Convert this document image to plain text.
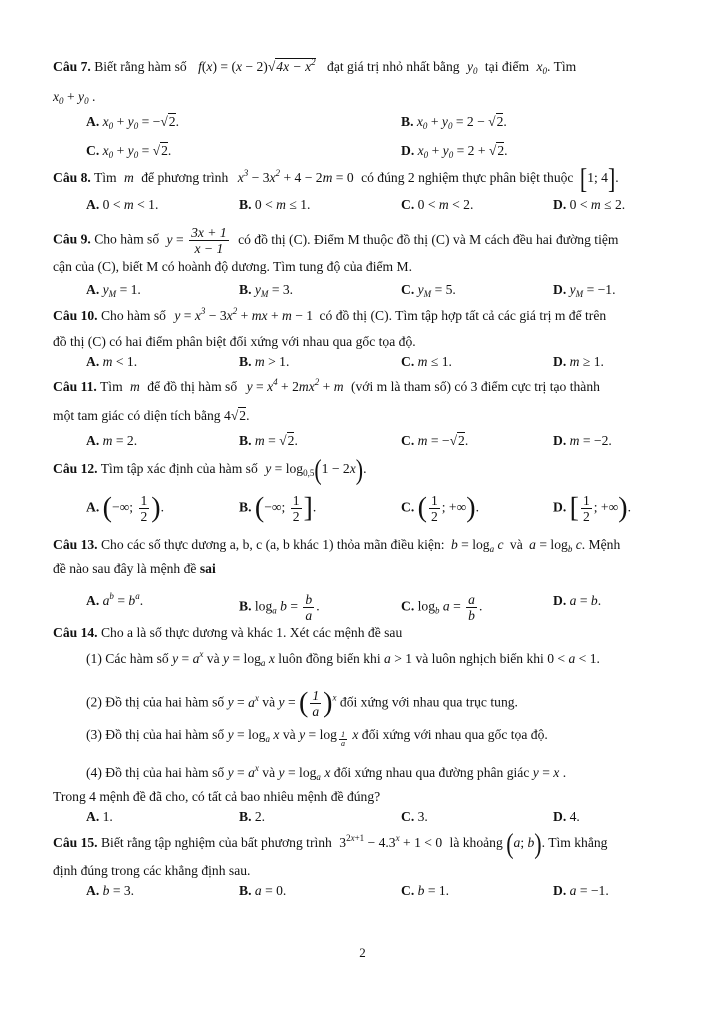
Câu 7. Biết rằng hàm số $f(x) = (x - 2)√4x - x^2$ đạt giá trị nhỏ nhất bằng $y_0$ tại điểm $x_0$. Tìm
$x_0 + y_0$ .
A. $x_0 + y_0 = -√2$.	B. $x_0 + y_0 = 2 - √2$.
C. $x_0 + y_0 = √2$.	D. $x_0 + y_0 = 2 + √2$.
Câu 8. Tìm m để phương trình $x^3 - 3x^2 + 4 - 2m = 0$ có đúng 2 nghiệm thực phân biệt thuộc [1; 4].
A. 0 < m < 1.	B. 0 < m ≤ 1.	C. 0 < m < 2.	D. 0 < m ≤ 2.
Câu 9. Cho hàm số $y = \frac{3x + 1}{x - 1}$ có đồ thị (C). Điểm M thuộc đồ thị (C) và M cách đều hai đường tiệm
cận của (C), biết M có hoành độ dương. Tìm tung độ của điểm M.
A. $y_M = 1$.	B. $y_M = 3$.	C. $y_M = 5$.	D. $y_M = -1$.
Câu 10. Cho hàm số $y = x^3 - 3x^2$ + mx + m − 1 có đồ thị (C). Tìm tập hợp tất cả các giá trị m để trên
đồ thị (C) có hai điểm phân biệt đối xứng với nhau qua gốc tọa độ.
A. m < 1.	B. m > 1.	C. m ≤ 1.	D. m ≥ 1.
Câu 11. Tìm m để đồ thị hàm số $y = x^4 + 2mx^2 + m$ (với m là tham số) có 3 điểm cực trị tạo thành
một tam giác có diện tích bằng 4√2.
A. m = 2.	B. m = √2.	C. m = −√2.	D. m = −2.
Câu 12. Tìm tập xác định của hàm số $y = \log_{0,5}(1 - 2x)$.
A. (−∞; $\frac{1}{2}$ ).	B. (−∞; $\frac{1}{2}$ ].	C. ( $\frac{1}{2}$ ; +∞).	D. [ $\frac{1}{2}$ ; +∞).
Câu 13. Cho các số thực dương a, b, c (a, b khác 1) thỏa mãn điều kiện: $b = \log_a c$ và $a = \log_b c$. Mệnh
đề nào sau đây là mệnh đề sai
A. $a^b = b^a$.	B. $\log_a b = \frac{b}{a}$ .	C. $\log_b a = \frac{a}{b}$ .	D. a = b.
Câu 14. Cho a là số thực dương và khác 1. Xét các mệnh đề sau
(1) Các hàm số $y = a^x$ và $y = \log_a x$ luôn đồng biến khi a > 1 và luôn nghịch biến khi 0 < a < 1.
(2) Đồ thị của hai hàm số $y = a^x$ và y = ( $\frac{1}{a} )^x$ đối xứng với nhau qua trục tung.
(3) Đồ thị của hai hàm số $y = \log_a x$ và y = log $_{\frac{1}{a}}$ x đối xứng với nhau qua gốc tọa độ.
(4) Đồ thị của hai hàm số $y = a^x$ và $y = \log_a x$ đối xứng nhau qua đường phân giác y = x .
Trong 4 mệnh đề đã cho, có tất cả bao nhiêu mệnh đề đúng?
A. 1.	B. 2.	C. 3.	D. 4.
Câu 15. Biết rằng tập nghiệm của bất phương trình $3^{2x+1} - 4.3^x + 1 < 0$ là khoảng (a; b). Tìm khẳng
định đúng trong các khẳng định sau.
A. b = 3.	B. a = 0.	C. b = 1.	D. a = −1.
2
